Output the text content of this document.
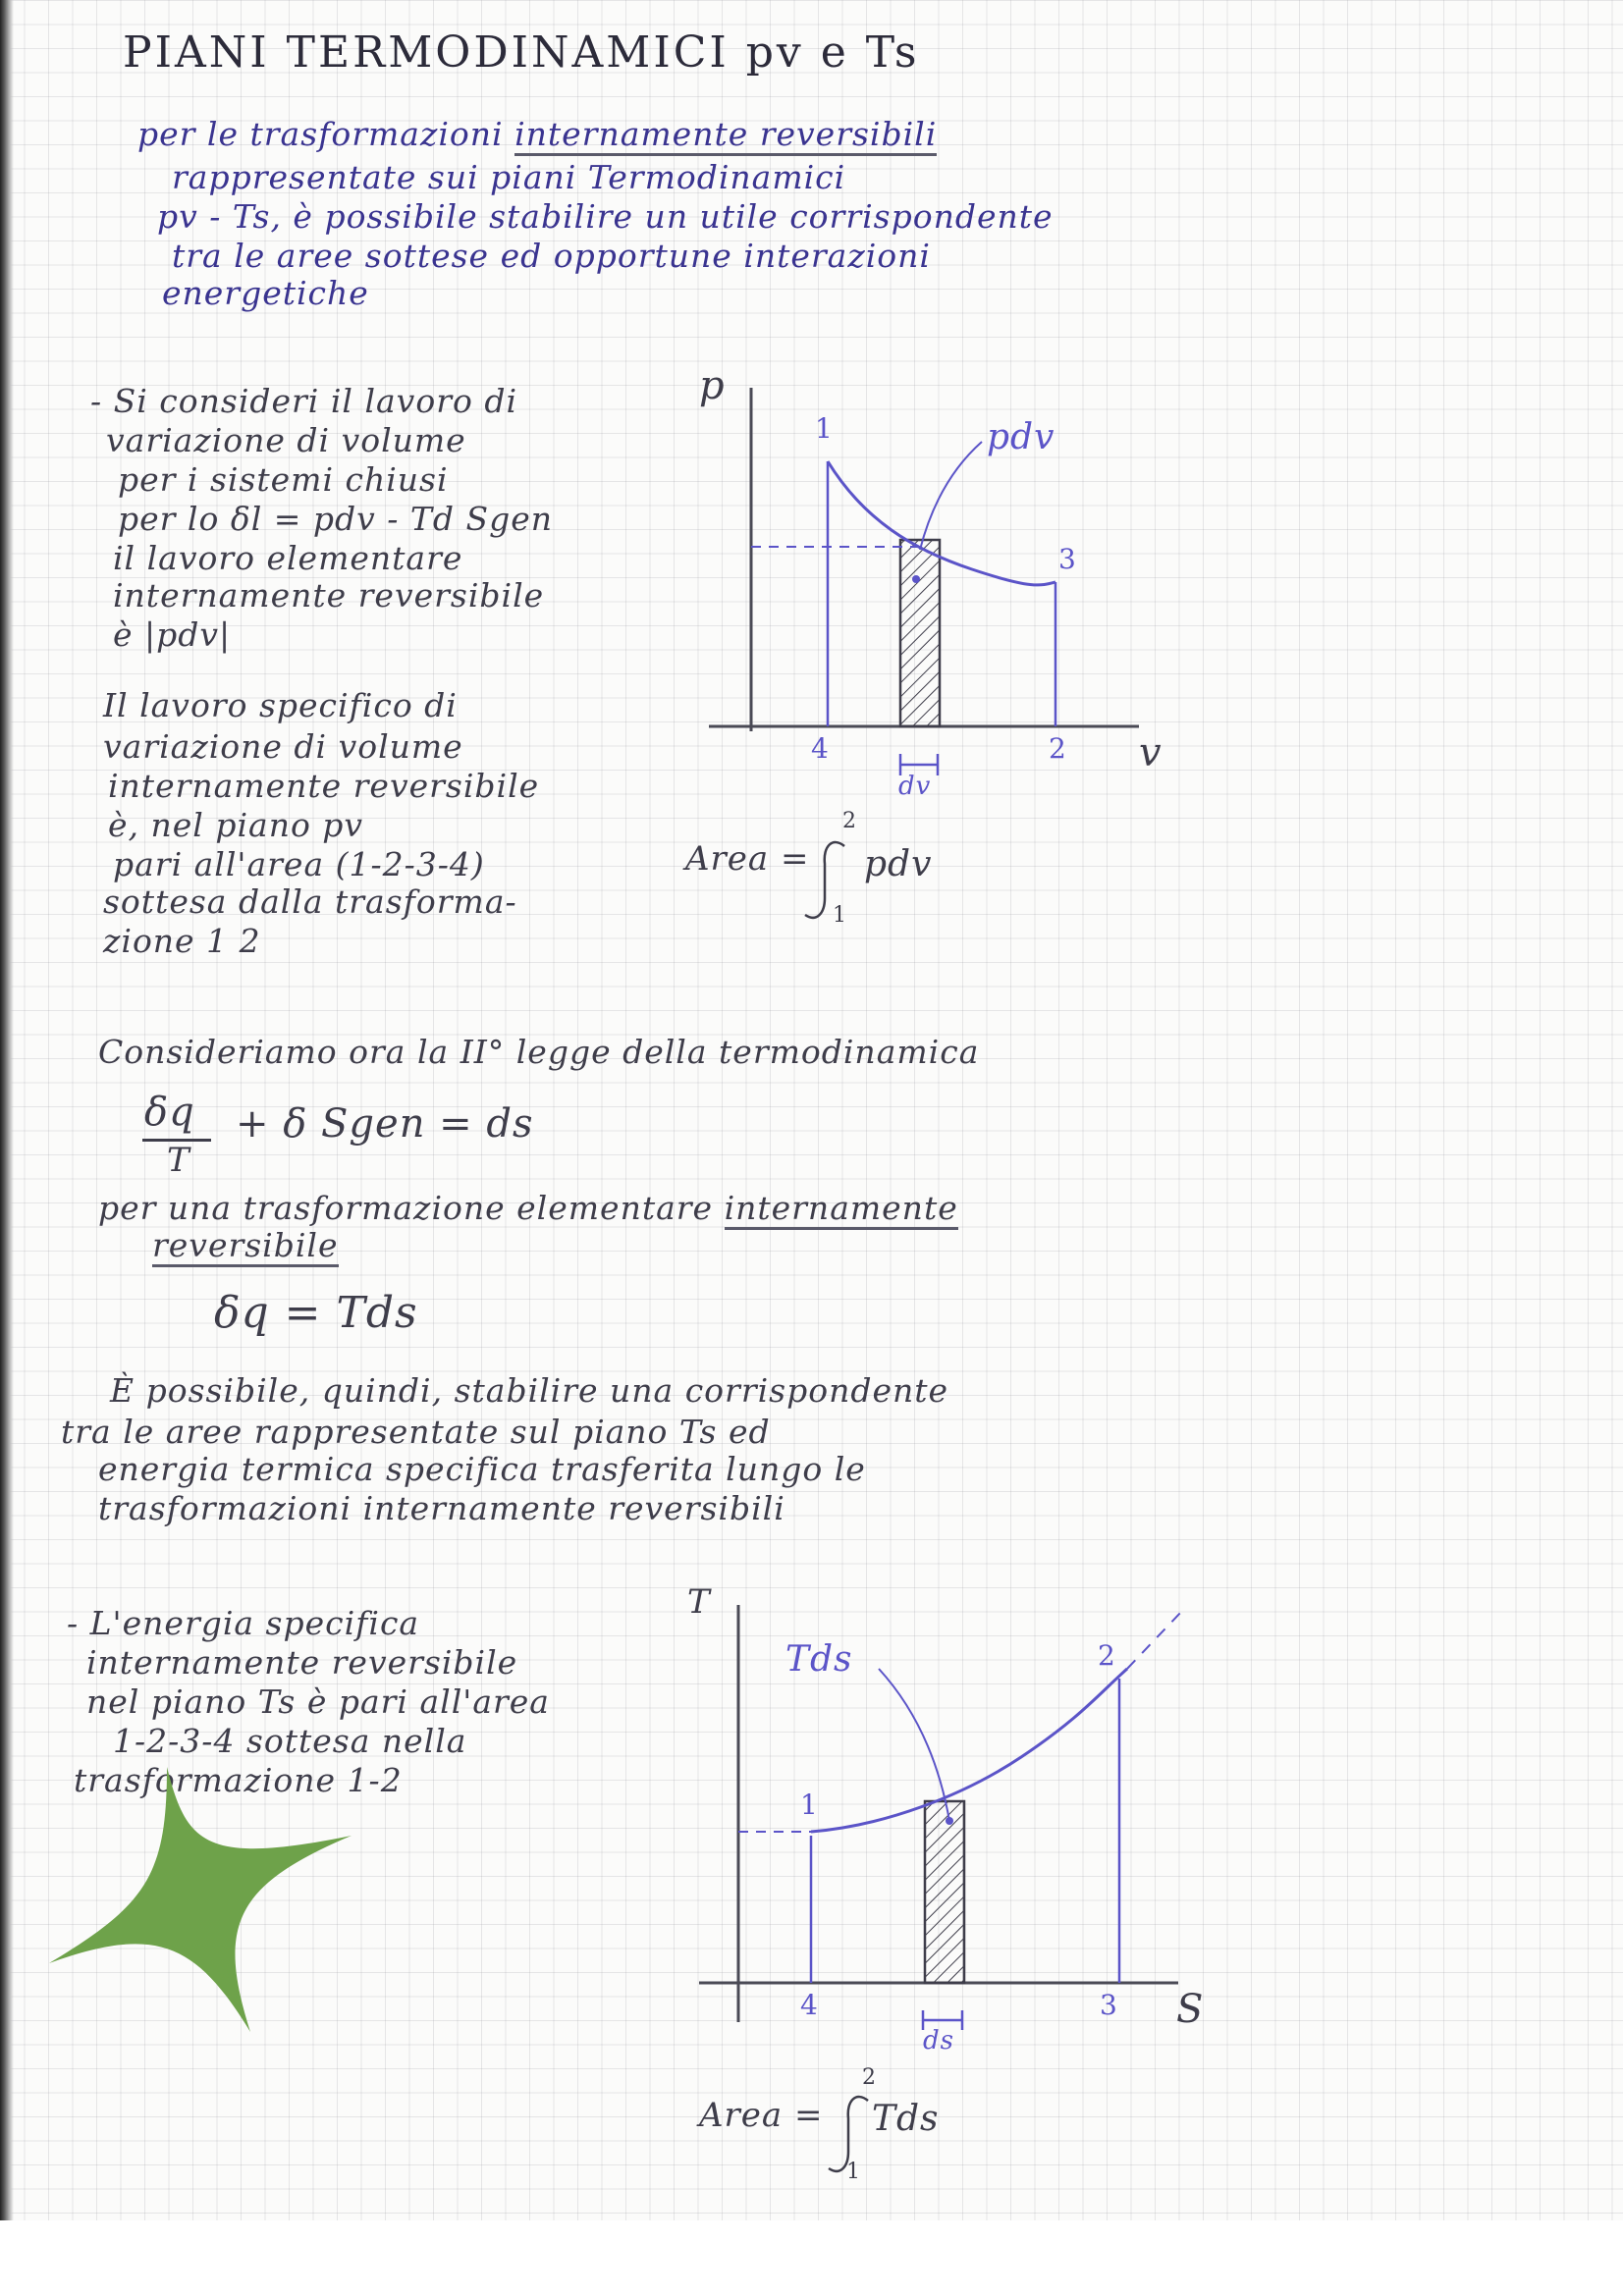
PIANI TERMODINAMICI pv e Ts

per le trasformazioni internamente reversibili

rappresentate sui piani Termodinamici

pv - Ts, è possibile stabilire un utile corrispondente

tra le aree sottese ed opportune interazioni

energetiche

- Si consideri il lavoro di

variazione di volume

per i sistemi chiusi

per lo δl = pdv - Td Sgen

il lavoro elementare

internamente reversibile

è |pdv|

Il lavoro specifico di

variazione di volume

internamente reversibile

è, nel piano pv

pari all'area (1-2-3-4)

sottesa dalla trasforma-

zione 1 2

p

v

pdv

1

3

4	2

dv

Area =

2

1

pdv

Consideriamo ora la II° legge della termodinamica

δq

T

+ δ Sgen = ds

per una trasformazione elementare internamente

reversibile

δq = Tds

È possibile, quindi, stabilire una corrispondente

tra le aree rappresentate sul piano Ts ed

energia termica specifica trasferita lungo le

trasformazioni internamente reversibili

- L'energia specifica

internamente reversibile

nel piano Ts è pari all'area

1-2-3-4 sottesa nella

trasformazione 1-2

T

S

Tds	2

1

4	3

ds

Area =

2

1

Tds
